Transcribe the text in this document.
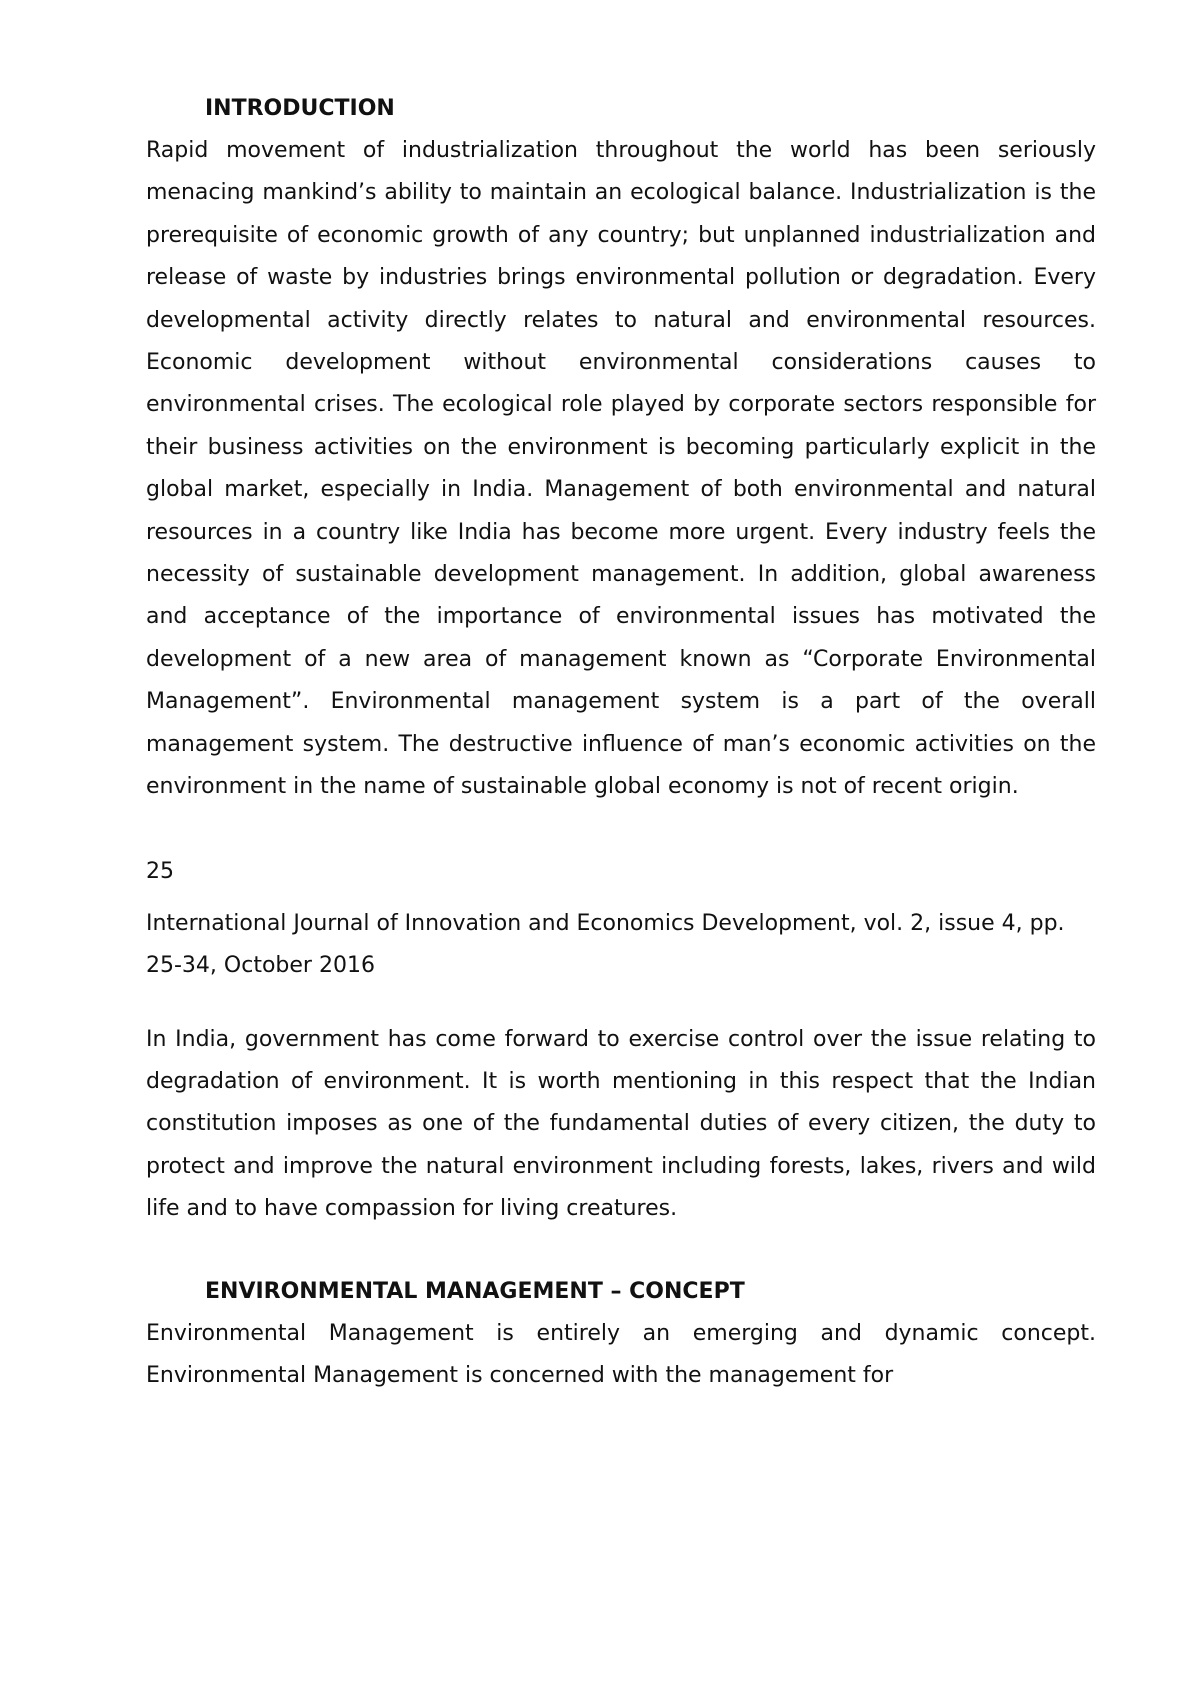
INTRODUCTION

Rapid movement of industrialization throughout the world has been seriously menacing mankind’s ability to maintain an ecological balance. Industrialization is the prerequisite of economic growth of any country; but unplanned industrialization and release of waste by industries brings environmental pollution or degradation. Every developmental activity directly relates to natural and environmental resources. Economic development without environmental considerations causes to environmental crises. The ecological role played by corporate sectors responsible for their business activities on the environment is becoming particularly explicit in the global market, especially in India. Management of both environmental and natural resources in a country like India has become more urgent. Every industry feels the necessity of sustainable development management. In addition, global awareness and acceptance of the importance of environmental issues has motivated the development of a new area of management known as “Corporate Environmental Management”. Environmental management system is a part of the overall management system. The destructive influence of man’s economic activities on the environment in the name of sustainable global economy is not of recent origin.

25

International Journal of Innovation and Economics Development, vol. 2, issue 4, pp. 25-34, October 2016

In India, government has come forward to exercise control over the issue relating to degradation of environment. It is worth mentioning in this respect that the Indian constitution imposes as one of the fundamental duties of every citizen, the duty to protect and improve the natural environment including forests, lakes, rivers and wild life and to have compassion for living creatures.

ENVIRONMENTAL MANAGEMENT – CONCEPT

Environmental Management is entirely an emerging and dynamic concept. Environmental Management is concerned with the management for
